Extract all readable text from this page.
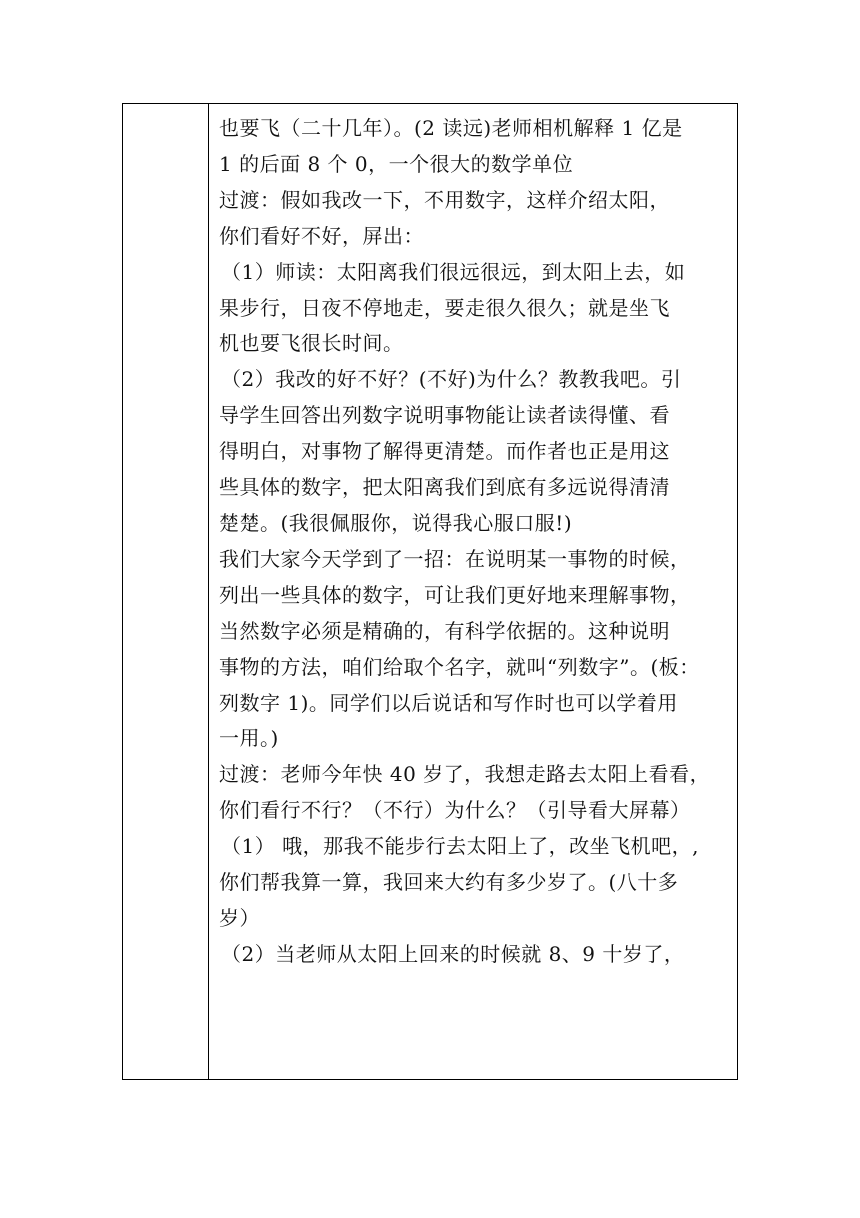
也要飞（二十几年）。(2 读远)老师相机解释 1 亿是
1 的后面 8 个 0，一个很大的数学单位
过渡：假如我改一下，不用数字，这样介绍太阳，
你们看好不好，屏出：
（1）师读：太阳离我们很远很远，到太阳上去，如
果步行，日夜不停地走，要走很久很久；就是坐飞
机也要飞很长时间。
（2）我改的好不好？(不好)为什么？教教我吧。引
导学生回答出列数字说明事物能让读者读得懂、看
得明白，对事物了解得更清楚。而作者也正是用这
些具体的数字，把太阳离我们到底有多远说得清清
楚楚。(我很佩服你，说得我心服口服!)
我们大家今天学到了一招：在说明某一事物的时候，
列出一些具体的数字，可让我们更好地来理解事物，
当然数字必须是精确的，有科学依据的。这种说明
事物的方法，咱们给取个名字，就叫“列数字”。(板：
列数字 1)。同学们以后说话和写作时也可以学着用
一用。)
过渡：老师今年快 40 岁了，我想走路去太阳上看看，
你们看行不行？（不行）为什么？（引导看大屏幕）
（1） 哦，那我不能步行去太阳上了，改坐飞机吧，,
你们帮我算一算，我回来大约有多少岁了。(八十多
岁）
（2）当老师从太阳上回来的时候就 8、9 十岁了，
